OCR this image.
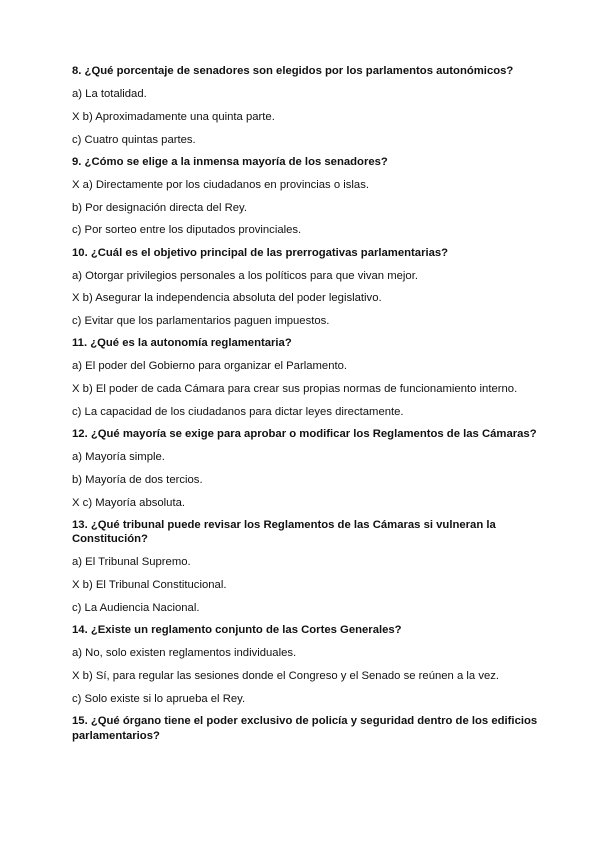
8. ¿Qué porcentaje de senadores son elegidos por los parlamentos autonómicos?
a) La totalidad.
X b) Aproximadamente una quinta parte.
c) Cuatro quintas partes.
9. ¿Cómo se elige a la inmensa mayoría de los senadores?
X a) Directamente por los ciudadanos en provincias o islas.
b) Por designación directa del Rey.
c) Por sorteo entre los diputados provinciales.
10. ¿Cuál es el objetivo principal de las prerrogativas parlamentarias?
a) Otorgar privilegios personales a los políticos para que vivan mejor.
X b) Asegurar la independencia absoluta del poder legislativo.
c) Evitar que los parlamentarios paguen impuestos.
11. ¿Qué es la autonomía reglamentaria?
a) El poder del Gobierno para organizar el Parlamento.
X b) El poder de cada Cámara para crear sus propias normas de funcionamiento interno.
c) La capacidad de los ciudadanos para dictar leyes directamente.
12. ¿Qué mayoría se exige para aprobar o modificar los Reglamentos de las Cámaras?
a) Mayoría simple.
b) Mayoría de dos tercios.
X c) Mayoría absoluta.
13. ¿Qué tribunal puede revisar los Reglamentos de las Cámaras si vulneran la Constitución?
a) El Tribunal Supremo.
X b) El Tribunal Constitucional.
c) La Audiencia Nacional.
14. ¿Existe un reglamento conjunto de las Cortes Generales?
a) No, solo existen reglamentos individuales.
X b) Sí, para regular las sesiones donde el Congreso y el Senado se reúnen a la vez.
c) Solo existe si lo aprueba el Rey.
15. ¿Qué órgano tiene el poder exclusivo de policía y seguridad dentro de los edificios parlamentarios?
